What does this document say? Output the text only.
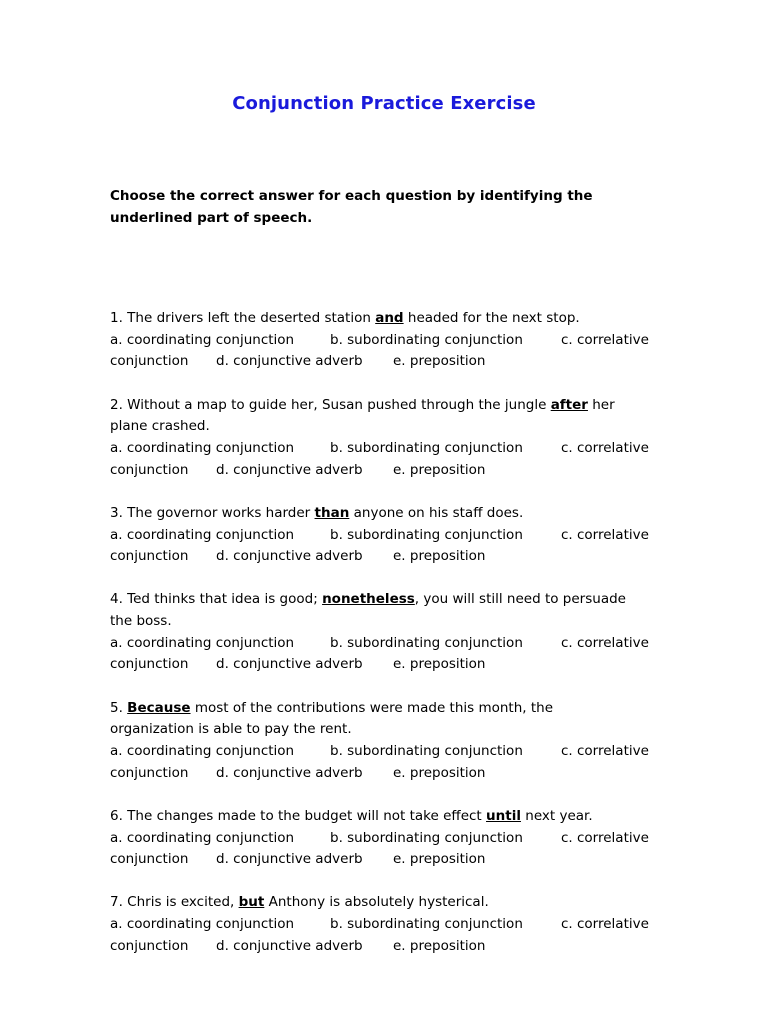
Conjunction Practice Exercise
Choose the correct answer for each question by identifying the
underlined part of speech.
1. The drivers left the deserted station and headed for the next stop.
a. coordinating conjunction	b. subordinating conjunction	c. correlative
conjunction d. conjunctive adverb e. preposition
2. Without a map to guide her, Susan pushed through the jungle after her
plane crashed.
a. coordinating conjunction	b. subordinating conjunction	c. correlative
conjunction d. conjunctive adverb e. preposition
3. The governor works harder than anyone on his staff does.
a. coordinating conjunction	b. subordinating conjunction	c. correlative
conjunction d. conjunctive adverb e. preposition
4. Ted thinks that idea is good; nonetheless, you will still need to persuade
the boss.
a. coordinating conjunction	b. subordinating conjunction	c. correlative
conjunction d. conjunctive adverb e. preposition
5. Because most of the contributions were made this month, the
organization is able to pay the rent.
a. coordinating conjunction	b. subordinating conjunction	c. correlative
conjunction d. conjunctive adverb e. preposition
6. The changes made to the budget will not take effect until next year.
a. coordinating conjunction	b. subordinating conjunction	c. correlative
conjunction d. conjunctive adverb e. preposition
7. Chris is excited, but Anthony is absolutely hysterical.
a. coordinating conjunction	b. subordinating conjunction	c. correlative
conjunction d. conjunctive adverb e. preposition
